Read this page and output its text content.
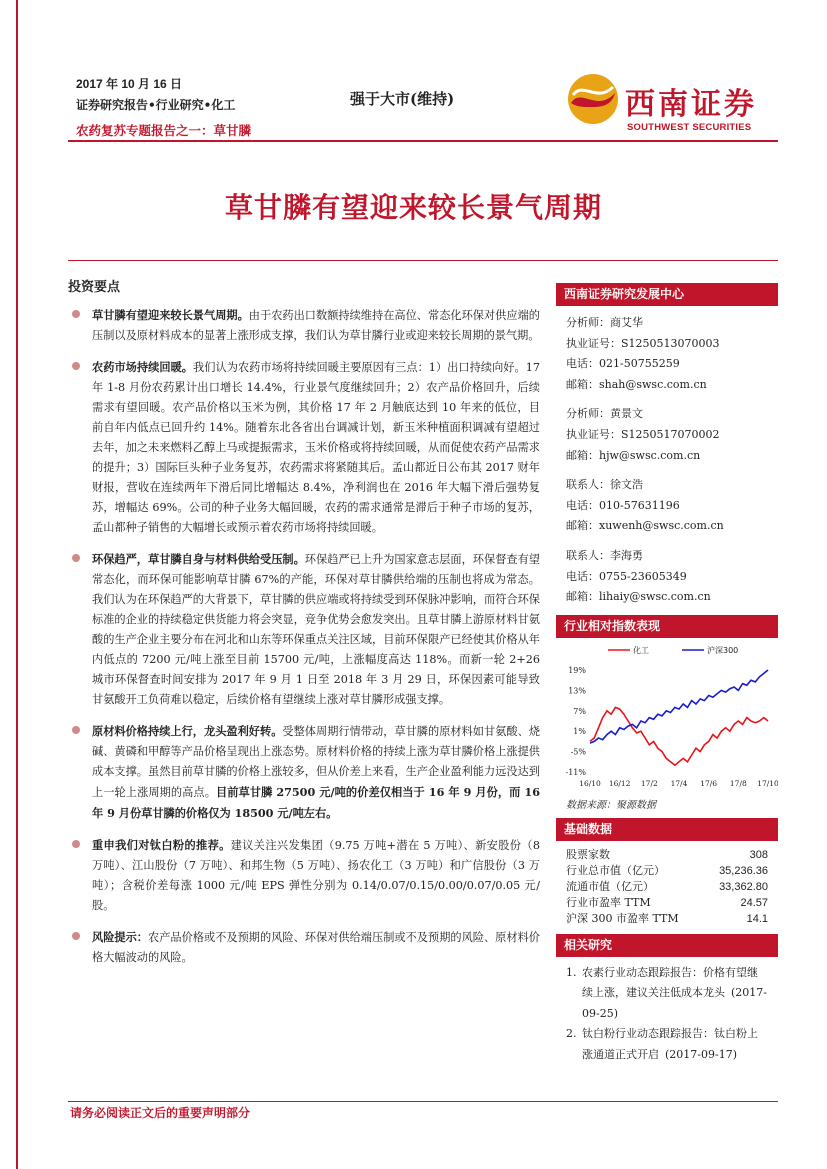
2017 年 10 月 16 日
证券研究报告•行业研究•化工
农药复苏专题报告之一：草甘膦
强于大市(维持)	西南证券
SOUTHWEST SECURITIES
草甘膦有望迎来较长景气周期
投资要点
草甘膦有望迎来较长景气周期。由于农药出口数额持续维持在高位、常态化环保对供应端的压制以及原材料成本的显著上涨形成支撑，我们认为草甘膦行业或迎来较长周期的景气期。
农药市场持续回暖。我们认为农药市场将持续回暖主要原因有三点：1）出口持续向好。17 年 1-8 月份农药累计出口增长 14.4%，行业景气度继续回升；2）农产品价格回升，后续需求有望回暖。农产品价格以玉米为例，其价格 17 年 2 月触底达到 10 年来的低位，目前自年内低点已回升约 14%。随着东北各省出台调减计划，新玉米种植面积调减有望超过去年，加之未来燃料乙醇上马或提振需求，玉米价格或将持续回暖，从而促使农药产品需求的提升；3）国际巨头种子业务复苏，农药需求将紧随其后。孟山都近日公布其 2017 财年财报，营收在连续两年下滑后同比增幅达 8.4%，净利润也在 2016 年大幅下滑后强势复苏，增幅达 69%。公司的种子业务大幅回暖，农药的需求通常是滞后于种子市场的复苏，孟山都种子销售的大幅增长或预示着农药市场将持续回暖。
环保趋严，草甘膦自身与材料供给受压制。环保趋严已上升为国家意志层面，环保督查有望常态化，而环保可能影响草甘膦 67%的产能，环保对草甘膦供给端的压制也将成为常态。我们认为在环保趋严的大背景下，草甘膦的供应端或将持续受到环保脉冲影响，而符合环保标准的企业的持续稳定供货能力将会突显，竞争优势会愈发突出。且草甘膦上游原材料甘氨酸的生产企业主要分布在河北和山东等环保重点关注区域，目前环保限产已经使其价格从年内低点的 7200 元/吨上涨至目前 15700 元/吨，上涨幅度高达 118%。而新一轮 2+26 城市环保督查时间安排为 2017 年 9 月 1 日至 2018 年 3 月 29 日，环保因素可能导致甘氨酸开工负荷难以稳定，后续价格有望继续上涨对草甘膦形成强支撑。
原材料价格持续上行，龙头盈利好转。受整体周期行情带动，草甘膦的原材料如甘氨酸、烧碱、黄磷和甲醇等产品价格呈现出上涨态势。原材料价格的持续上涨为草甘膦价格上涨提供成本支撑。虽然目前草甘膦的价格上涨较多，但从价差上来看，生产企业盈利能力远没达到上一轮上涨周期的高点。目前草甘膦 27500 元/吨的价差仅相当于 16 年 9 月份，而 16 年 9 月份草甘膦的价格仅为 18500 元/吨左右。
重申我们对钛白粉的推荐。建议关注兴发集团（9.75 万吨+潜在 5 万吨）、新安股份（8 万吨）、江山股份（7 万吨）、和邦生物（5 万吨）、扬农化工（3 万吨）和广信股份（3 万吨）；含税价差每涨 1000 元/吨 EPS 弹性分别为 0.14/0.07/0.15/0.00/0.07/0.05 元/股。
风险提示：农产品价格或不及预期的风险、环保对供给端压制或不及预期的风险、原材料价格大幅波动的风险。
西南证券研究发展中心
分析师：商艾华
执业证号：S1250513070003
电话：021-50755259
邮箱：shah@swsc.com.cn
分析师：黄景文
执业证号：S1250517070002
邮箱：hjw@swsc.com.cn
联系人：徐文浩
电话：010-57631196
邮箱：xuwenh@swsc.com.cn
联系人：李海勇
电话：0755-23605349
邮箱：lihaiy@swsc.com.cn
行业相对指数表现
化工	沪深300
19%
13%
7%
1%
-5%
-11%
16/10 16/12 17/2 17/4 17/6 17/8 17/10
数据来源：聚源数据
基础数据
股票家数	308
行业总市值（亿元）	35,236.36
流通市值（亿元）	33,362.80
行业市盈率 TTM	24.57
沪深 300 市盈率 TTM	14.1
相关研究
1. 农素行业动态跟踪报告：价格有望继续上涨，建议关注低成本龙头 (2017-09-25)
2. 钛白粉行业动态跟踪报告：钛白粉上涨通道正式开启 (2017-09-17)
请务必阅读正文后的重要声明部分
